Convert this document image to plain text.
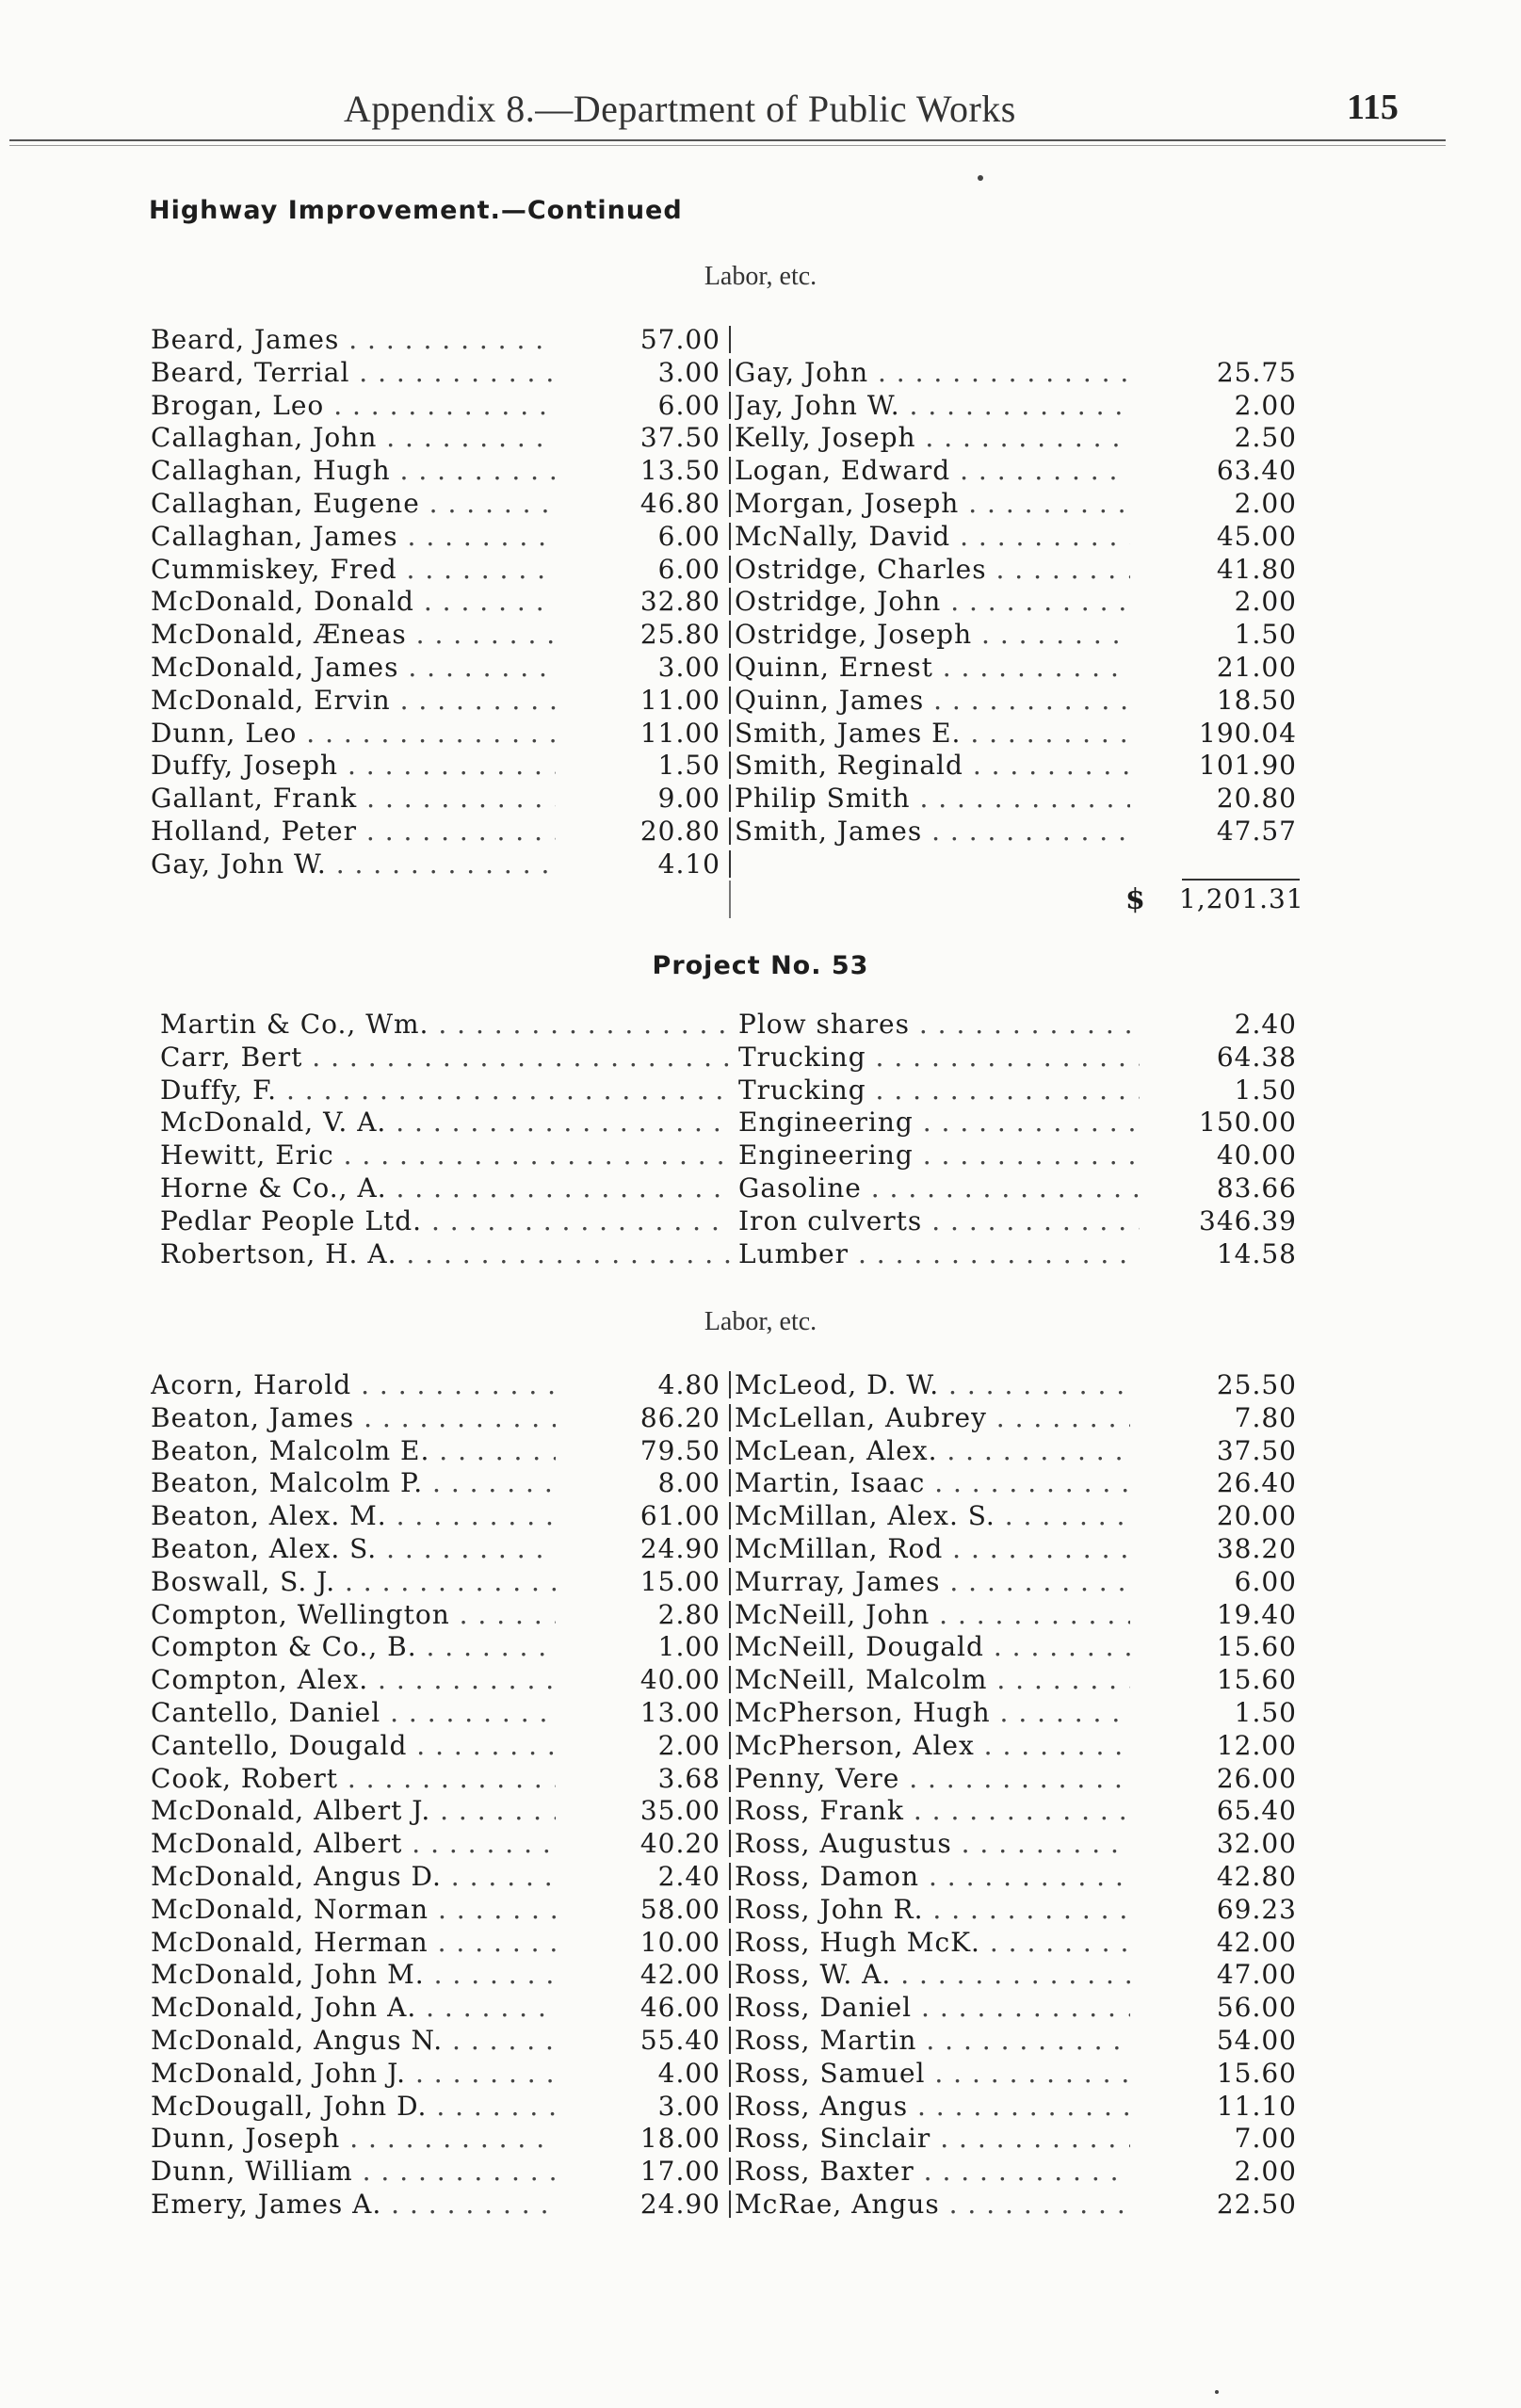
Appendix 8.—Department of Public Works	115
Highway Improvement.—Continued
Labor, etc.
Beard, James . . .	57.00
Beard, Terrial . . .	3.00 Gay, John . . .	25.75
Brogan, Leo . . .	6.00 Jay, John W. . . .	2.00
Callaghan, John . . .	37.50 Kelly, Joseph . . .	2.50
Callaghan, Hugh . . .	13.50 Logan, Edward . . .	63.40
Callaghan, Eugene . . .	46.80 Morgan, Joseph . . .	2.00
Callaghan, James . . .	6.00 McNally, David . . .	45.00
Cummiskey, Fred . . .	6.00 Ostridge, Charles . . .	41.80
McDonald, Donald . . .	32.80 Ostridge, John . . .	2.00
McDonald, Æneas . . .	25.80 Ostridge, Joseph . . .	1.50
McDonald, James . . .	3.00 Quinn, Ernest . . .	21.00
McDonald, Ervin . . .	11.00 Quinn, James . . .	18.50
Dunn, Leo . . .	11.00 Smith, James E. . . .	190.04
Duffy, Joseph . . .	1.50 Smith, Reginald . . .	101.90
Gallant, Frank . . .	9.00 Philip Smith . . .	20.80
Holland, Peter . . .	20.80 Smith, James . . .	47.57
Gay, John W. . . .	4.10
$ 1,201.31
Project No. 53
Martin & Co., Wm. . . .	Plow shares . . .	2.40
Carr, Bert . . .	Trucking . . .	64.38
Duffy, F. . . .	Trucking . . .	1.50
McDonald, V. A. . . .	Engineering . . .	150.00
Hewitt, Eric . . .	Engineering . . .	40.00
Horne & Co., A. . . .	Gasoline . . .	83.66
Pedlar People Ltd. . . .	Iron culverts . . .	346.39
Robertson, H. A. . . .	Lumber . . .	14.58
Labor, etc.
Acorn, Harold . . .	4.80 McLeod, D. W. . . .	25.50
Beaton, James . . .	86.20 McLellan, Aubrey . . .	7.80
Beaton, Malcolm E. . . .	79.50 McLean, Alex. . . .	37.50
Beaton, Malcolm P. . . .	8.00 Martin, Isaac . . .	26.40
Beaton, Alex. M. . . .	61.00 McMillan, Alex. S. . . .	20.00
Beaton, Alex. S. . . .	24.90 McMillan, Rod . . .	38.20
Boswall, S. J. . . .	15.00 Murray, James . . .	6.00
Compton, Wellington . . .	2.80 McNeill, John . . .	19.40
Compton & Co., B. . . .	1.00 McNeill, Dougald . . .	15.60
Compton, Alex. . . .	40.00 McNeill, Malcolm . . .	15.60
Cantello, Daniel . . .	13.00 McPherson, Hugh . . .	1.50
Cantello, Dougald . . .	2.00 McPherson, Alex . . .	12.00
Cook, Robert . . .	3.68 Penny, Vere . . .	26.00
McDonald, Albert J. . . .	35.00 Ross, Frank . . .	65.40
McDonald, Albert . . .	40.20 Ross, Augustus . . .	32.00
McDonald, Angus D. . . .	2.40 Ross, Damon . . .	42.80
McDonald, Norman . . .	58.00 Ross, John R. . . .	69.23
McDonald, Herman . . .	10.00 Ross, Hugh McK. . . .	42.00
McDonald, John M. . . .	42.00 Ross, W. A. . . .	47.00
McDonald, John A. . . .	46.00 Ross, Daniel . . .	56.00
McDonald, Angus N. . . .	55.40 Ross, Martin . . .	54.00
McDonald, John J. . . .	4.00 Ross, Samuel . . .	15.60
McDougall, John D. . . .	3.00 Ross, Angus . . .	11.10
Dunn, Joseph . . .	18.00 Ross, Sinclair . . .	7.00
Dunn, William . . .	17.00 Ross, Baxter . . .	2.00
Emery, James A. . . .	24.90 McRae, Angus . . .	22.50
